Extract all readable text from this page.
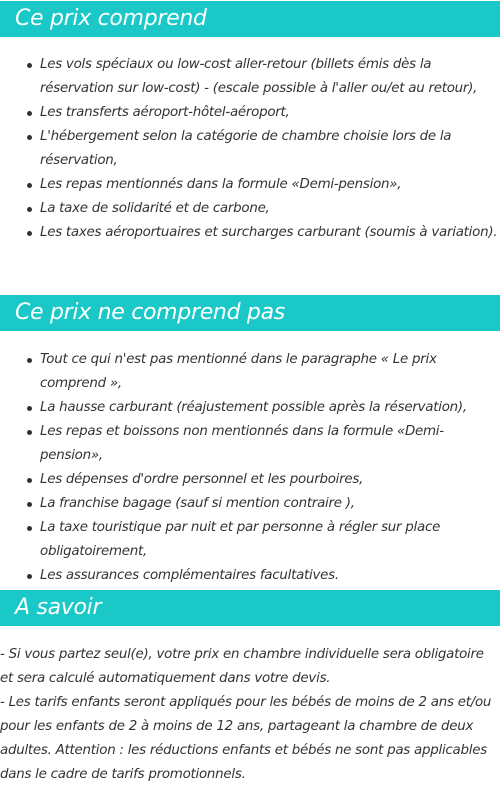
Ce prix comprend
Les vols spéciaux ou low-cost aller-retour (billets émis dès la réservation sur low-cost) - (escale possible à l'aller ou/et au retour),
Les transferts aéroport-hôtel-aéroport,
L'hébergement selon la catégorie de chambre choisie lors de la réservation,
Les repas mentionnés dans la formule «Demi-pension»,
La taxe de solidarité et de carbone,
Les taxes aéroportuaires et surcharges carburant (soumis à variation).
Ce prix ne comprend pas
Tout ce qui n'est pas mentionné dans le paragraphe « Le prix comprend »,
La hausse carburant (réajustement possible après la réservation),
Les repas et boissons non mentionnés dans la formule «Demi-pension»,
Les dépenses d'ordre personnel et les pourboires,
La franchise bagage (sauf si mention contraire ),
La taxe touristique par nuit et par personne à régler sur place obligatoirement,
Les assurances complémentaires facultatives.
A savoir

- Si vous partez seul(e), votre prix en chambre individuelle sera obligatoire et sera calculé automatiquement dans votre devis.

- Les tarifs enfants seront appliqués pour les bébés de moins de 2 ans et/ou pour les enfants de 2 à moins de 12 ans, partageant la chambre de deux adultes. Attention : les réductions enfants et bébés ne sont pas applicables dans le cadre de tarifs promotionnels.
